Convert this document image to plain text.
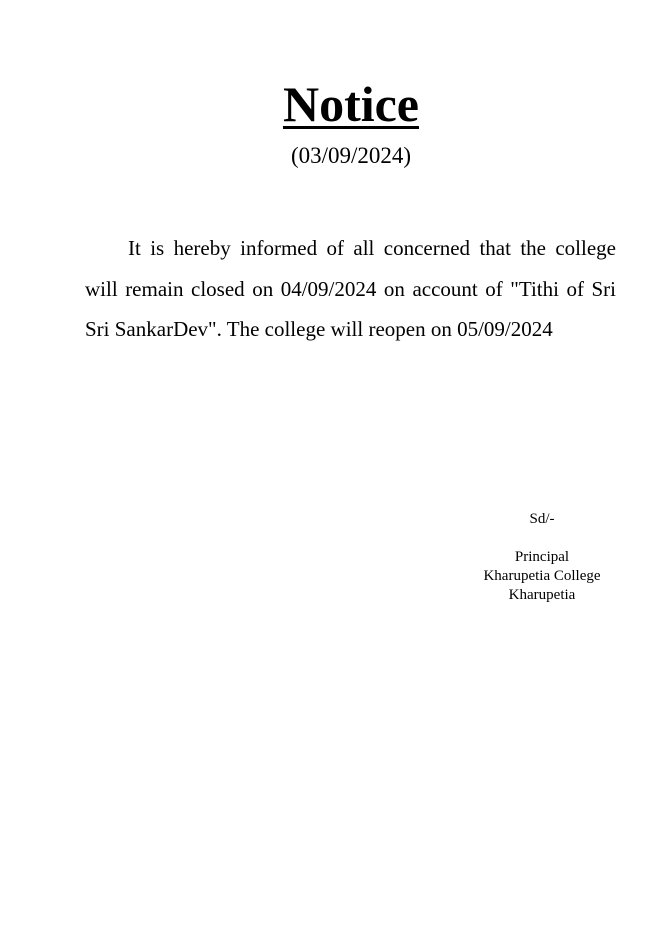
Notice
(03/09/2024)

It is hereby informed of all concerned that the college will remain closed on 04/09/2024 on account of "Tithi of Sri Sri SankarDev". The college will reopen on 05/09/2024

Sd/-
Principal
Kharupetia College
Kharupetia
